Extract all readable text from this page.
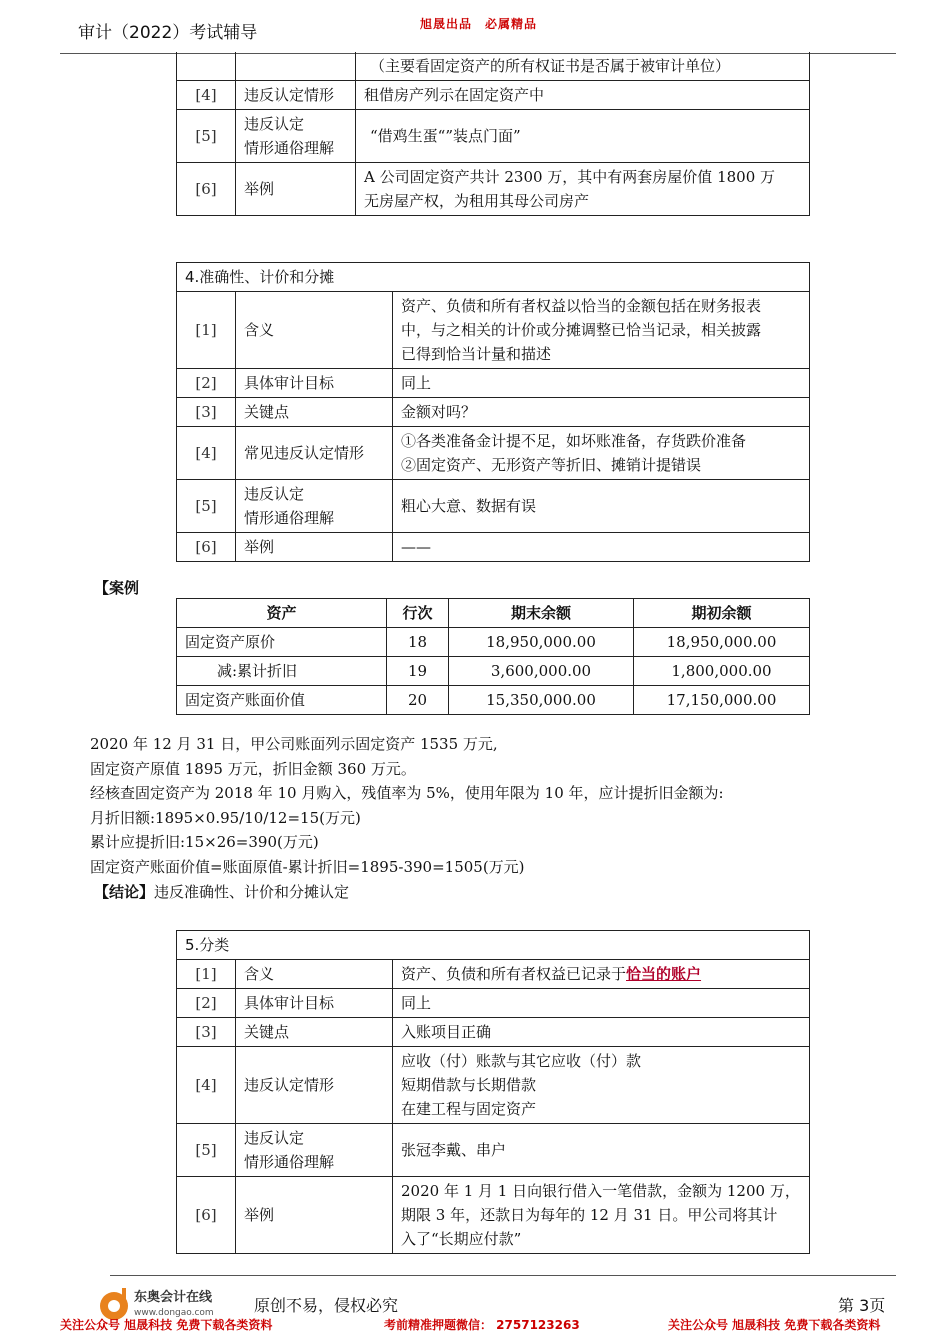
审计（2022）考试辅导	旭晟出品　必属精品
		（主要看固定资产的所有权证书是否属于被审计单位）
[4]	违反认定情形	租借房产列示在固定资产中
[5]	违反认定
情形通俗理解	“借鸡生蛋“”装点门面”
[6]	举例	A 公司固定资产共计 2300 万，其中有两套房屋价值 1800 万
无房屋产权，为租用其母公司房产
4.准确性、计价和分摊		
[1]	含义	资产、负债和所有者权益以恰当的金额包括在财务报表
中，与之相关的计价或分摊调整已恰当记录，相关披露
已得到恰当计量和描述

[2]	具体审计目标	同上
[3]	关键点	金额对吗？
[4]	常见违反认定情形	①各类准备金计提不足，如坏账准备，存货跌价准备
②固定资产、无形资产等折旧、摊销计提错误

[5]	违反认定
情形通俗理解	粗心大意、数据有误
[6]	举例	——
【案例
资产	行次	期末余额	期初余额
固定资产原价	18	18,950,000.00	18,950,000.00
减:累计折旧	19	3,600,000.00	1,800,000.00
固定资产账面价值	20	15,350,000.00	17,150,000.00
2020 年 12 月 31 日，甲公司账面列示固定资产 1535 万元,
固定资产原值 1895 万元，折旧金额 360 万元。
经核查固定资产为 2018 年 10 月购入，残值率为 5%，使用年限为 10 年，应计提折旧金额为:
月折旧额:1895×0.95/10/12=15(万元)
累计应提折旧:15×26=390(万元)
固定资产账面价值=账面原值-累计折旧=1895-390=1505(万元)
【结论】违反准确性、计价和分摊认定
5.分类		
[1]	含义	资产、负债和所有者权益已记录于恰当的账户
[2]	具体审计目标	同上
[3]	关键点	入账项目正确
[4]	违反认定情形	应收（付）账款与其它应收（付）款
短期借款与长期借款
在建工程与固定资产

[5]	违反认定
情形通俗理解	张冠李戴、串户
[6]	举例	2020 年 1 月 1 日向银行借入一笔借款，金额为 1200 万，
期限 3 年，还款日为每年的 12 月 31 日。甲公司将其计
入了“长期应付款”
东奥会计在线
www.dongao.com	原创不易，侵权必究	第 3页
关注公众号 旭晟科技 免费下载各类资料	考前精准押题微信： 2757123263	关注公众号 旭晟科技 免费下载各类资料
